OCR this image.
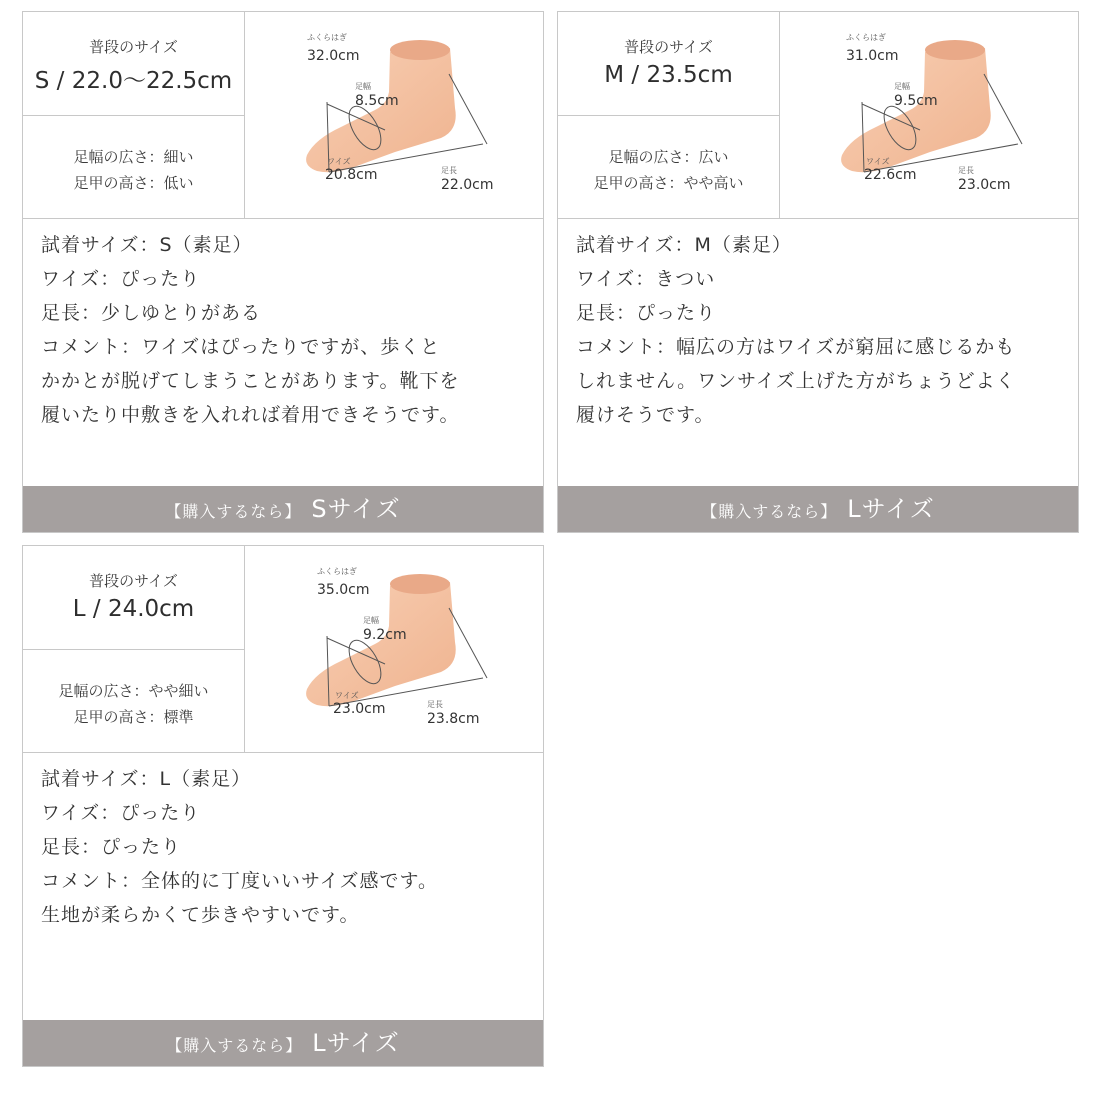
普段のサイズ
S / 22.0〜22.5cm
足幅の広さ：細い
足甲の高さ：低い
ふくらはぎ
32.0cm
足幅
8.5cm
ワイズ
20.8cm	足長
22.0cm
試着サイズ：S（素足）
ワイズ：ぴったり
足長：少しゆとりがある
コメント：ワイズはぴったりですが、歩くと
かかとが脱げてしまうことがあります。靴下を
履いたり中敷きを入れれば着用できそうです。
【購入するなら】 Sサイズ
普段のサイズ
M / 23.5cm
足幅の広さ：広い
足甲の高さ：やや高い
ふくらはぎ
31.0cm
足幅
9.5cm
ワイズ
22.6cm	足長
23.0cm
試着サイズ：M（素足）
ワイズ：きつい
足長：ぴったり
コメント：幅広の方はワイズが窮屈に感じるかも
しれません。ワンサイズ上げた方がちょうどよく
履けそうです。
【購入するなら】 Lサイズ
普段のサイズ
L / 24.0cm
足幅の広さ：やや細い
足甲の高さ：標準
ふくらはぎ
35.0cm
足幅
9.2cm
ワイズ
23.0cm	足長
23.8cm
試着サイズ：L（素足）
ワイズ：ぴったり
足長：ぴったり
コメント：全体的に丁度いいサイズ感です。
生地が柔らかくて歩きやすいです。
【購入するなら】 Lサイズ
